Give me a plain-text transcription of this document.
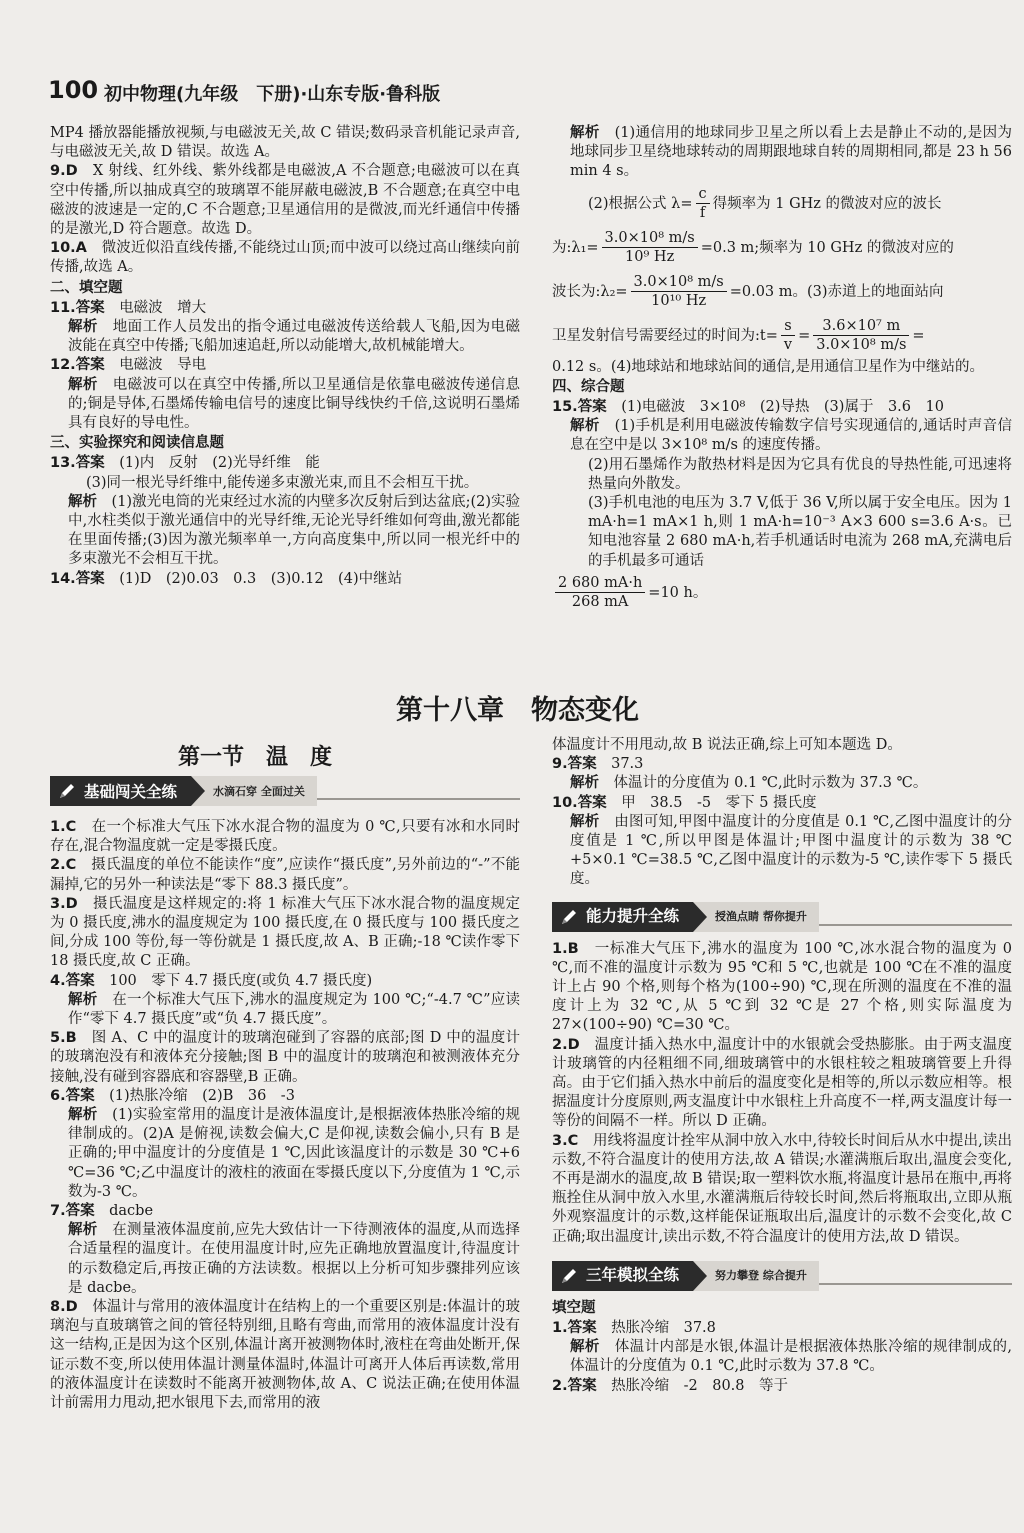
100 初中物理(九年级　下册)·山东专版·鲁科版

MP4 播放器能播放视频,与电磁波无关,故 C 错误;数码录音机能记录声音,与电磁波无关,故 D 错误。故选 A。

9.D　 X 射线、红外线、紫外线都是电磁波,A 不合题意;电磁波可以在真空中传播,所以抽成真空的玻璃罩不能屏蔽电磁波,B 不合题意;在真空中电磁波的波速是一定的,C 不合题意;卫星通信用的是微波,而光纤通信中传播的是激光,D 符合题意。故选 D。

10.A　 微波近似沿直线传播,不能绕过山顶;而中波可以绕过高山继续向前传播,故选 A。

二、填空题

11.答案　 电磁波　增大

解析　 地面工作人员发出的指令通过电磁波传送给载人飞船,因为电磁波能在真空中传播;飞船加速追赶,所以动能增大,故机械能增大。

12.答案　 电磁波　导电

解析　 电磁波可以在真空中传播,所以卫星通信是依靠电磁波传递信息的;铜是导体,石墨烯传输电信号的速度比铜导线快约千倍,这说明石墨烯具有良好的导电性。

三、实验探究和阅读信息题

13.答案　 (1)内　反射　(2)光导纤维　能

(3)同一根光导纤维中,能传递多束激光束,而且不会相互干扰。

解析　 (1)激光电筒的光束经过水流的内壁多次反射后到达盆底;(2)实验中,水柱类似于激光通信中的光导纤维,无论光导纤维如何弯曲,激光都能在里面传播;(3)因为激光频率单一,方向高度集中,所以同一根光纤中的多束激光不会相互干扰。

14.答案　 (1)D　(2)0.03　0.3　(3)0.12　(4)中继站

解析　 (1)通信用的地球同步卫星之所以看上去是静止不动的,是因为地球同步卫星绕地球转动的周期跟地球自转的周期相同,都是 23 h 56 min 4 s。

(2)根据公式 $\lambda= \frac{c}{f}$ 得频率为 1 GHz 的微波对应的波长

为:λ₁= $\frac{\text{3.0×10⁸ m/s}}{\text{10⁹ Hz}} =0.3$ m;频率为 10 GHz 的微波对应的

波长为:λ₂= $\frac{\text{3.0×10⁸ m/s}}{\text{10¹⁰ Hz}} =0.03$ m。(3)赤道上的地面站向

卫星发射信号需要经过的时间为:t= $\frac{s}{v} = \frac{\text{3.6×10⁷ m}}{\text{3.0×10⁸ m/s}}$ =

0.12 s。(4)地球站和地球站间的通信,是用通信卫星作为中继站的。

四、综合题

15.答案　 (1)电磁波　3×10⁸　(2)导热　(3)属于　3.6　10

解析　 (1)手机是利用电磁波传输数字信号实现通信的,通话时声音信息在空中是以 3×10⁸ m/s 的速度传播。

(2)用石墨烯作为散热材料是因为它具有优良的导热性能,可迅速将热量向外散发。

(3)手机电池的电压为 3.7 V,低于 36 V,所以属于安全电压。因为 1 mA·h=1 mA×1 h,则 1 mA·h=10⁻³ A×3 600 s=3.6 A·s。已知电池容量 2 680 mA·h,若手机通话时电流为 268 mA,充满电后的手机最多可通话

$\frac{2 680 mA\cdot h}{268 mA} =10$ h。

第十八章　物态变化
第一节　温　度
基础闯关全练	水滴石穿 全面过关

1.C　 在一个标准大气压下冰水混合物的温度为 0 ℃,只要有冰和水同时存在,混合物温度就一定是零摄氏度。

2.C　 摄氏温度的单位不能读作“度”,应读作“摄氏度”,另外前边的“-”不能漏掉,它的另外一种读法是“零下 88.3 摄氏度”。

3.D　 摄氏温度是这样规定的:将 1 标准大气压下冰水混合物的温度规定为 0 摄氏度,沸水的温度规定为 100 摄氏度,在 0 摄氏度与 100 摄氏度之间,分成 100 等份,每一等份就是 1 摄氏度,故 A、B 正确;-18 ℃读作零下 18 摄氏度,故 C 正确。

4.答案　 100　零下 4.7 摄氏度(或负 4.7 摄氏度)

解析　 在一个标准大气压下,沸水的温度规定为 100 ℃;“-4.7 ℃”应读作“零下 4.7 摄氏度”或“负 4.7 摄氏度”。

5.B　 图 A、C 中的温度计的玻璃泡碰到了容器的底部;图 D 中的温度计的玻璃泡没有和液体充分接触;图 B 中的温度计的玻璃泡和被测液体充分接触,没有碰到容器底和容器壁,B 正确。

6.答案　 (1)热胀冷缩　(2)B　36　-3

解析　 (1)实验室常用的温度计是液体温度计,是根据液体热胀冷缩的规律制成的。(2)A 是俯视,读数会偏大,C 是仰视,读数会偏小,只有 B 是正确的;甲中温度计的分度值是 1 ℃,因此该温度计的示数是 30 ℃+6 ℃=36 ℃;乙中温度计的液柱的液面在零摄氏度以下,分度值为 1 ℃,示数为-3 ℃。

7.答案　 dacbe

解析　 在测量液体温度前,应先大致估计一下待测液体的温度,从而选择合适量程的温度计。在使用温度计时,应先正确地放置温度计,待温度计的示数稳定后,再按正确的方法读数。根据以上分析可知步骤排列应该是 dacbe。

8.D　 体温计与常用的液体温度计在结构上的一个重要区别是:体温计的玻璃泡与直玻璃管之间的管径特别细,且略有弯曲,而常用的液体温度计没有这一结构,正是因为这个区别,体温计离开被测物体时,液柱在弯曲处断开,保证示数不变,所以使用体温计测量体温时,体温计可离开人体后再读数,常用的液体温度计在读数时不能离开被测物体,故 A、C 说法正确;在使用体温计前需用力甩动,把水银甩下去,而常用的液

体温度计不用甩动,故 B 说法正确,综上可知本题选 D。

9.答案　 37.3

解析　 体温计的分度值为 0.1 ℃,此时示数为 37.3 ℃。

10.答案　 甲　38.5　-5　零下 5 摄氏度

解析　 由图可知,甲图中温度计的分度值是 0.1 ℃,乙图中温度计的分度值是 1 ℃,所以甲图是体温计;甲图中温度计的示数为 38 ℃+5×0.1 ℃=38.5 ℃,乙图中温度计的示数为-5 ℃,读作零下 5 摄氏度。

能力提升全练	授渔点睛 帮你提升

1.B　 一标准大气压下,沸水的温度为 100 ℃,冰水混合物的温度为 0 ℃,而不准的温度计示数为 95 ℃和 5 ℃,也就是 100 ℃在不准的温度计上占 90 个格,则每个格为(100÷90) ℃,现在所测的温度在不准的温度计上为 32 ℃,从 5 ℃到 32 ℃是 27 个格,则实际温度为 27×(100÷90) ℃=30 ℃。

2.D　 温度计插入热水中,温度计中的水银就会受热膨胀。由于两支温度计玻璃管的内径粗细不同,细玻璃管中的水银柱较之粗玻璃管要上升得高。由于它们插入热水中前后的温度变化是相等的,所以示数应相等。根据温度计分度原则,两支温度计中水银柱上升高度不一样,两支温度计每一等份的间隔不一样。所以 D 正确。

3.C　 用线将温度计拴牢从洞中放入水中,待较长时间后从水中提出,读出示数,不符合温度计的使用方法,故 A 错误;水灌满瓶后取出,温度会变化,不再是湖水的温度,故 B 错误;取一塑料饮水瓶,将温度计悬吊在瓶中,再将瓶拴住从洞中放入水里,水灌满瓶后待较长时间,然后将瓶取出,立即从瓶外观察温度计的示数,这样能保证瓶取出后,温度计的示数不会变化,故 C 正确;取出温度计,读出示数,不符合温度计的使用方法,故 D 错误。

三年模拟全练	努力攀登 综合提升

填空题

1.答案　 热胀冷缩　37.8

解析　 体温计内部是水银,体温计是根据液体热胀冷缩的规律制成的,体温计的分度值为 0.1 ℃,此时示数为 37.8 ℃。

2.答案　 热胀冷缩　-2　80.8　等于
